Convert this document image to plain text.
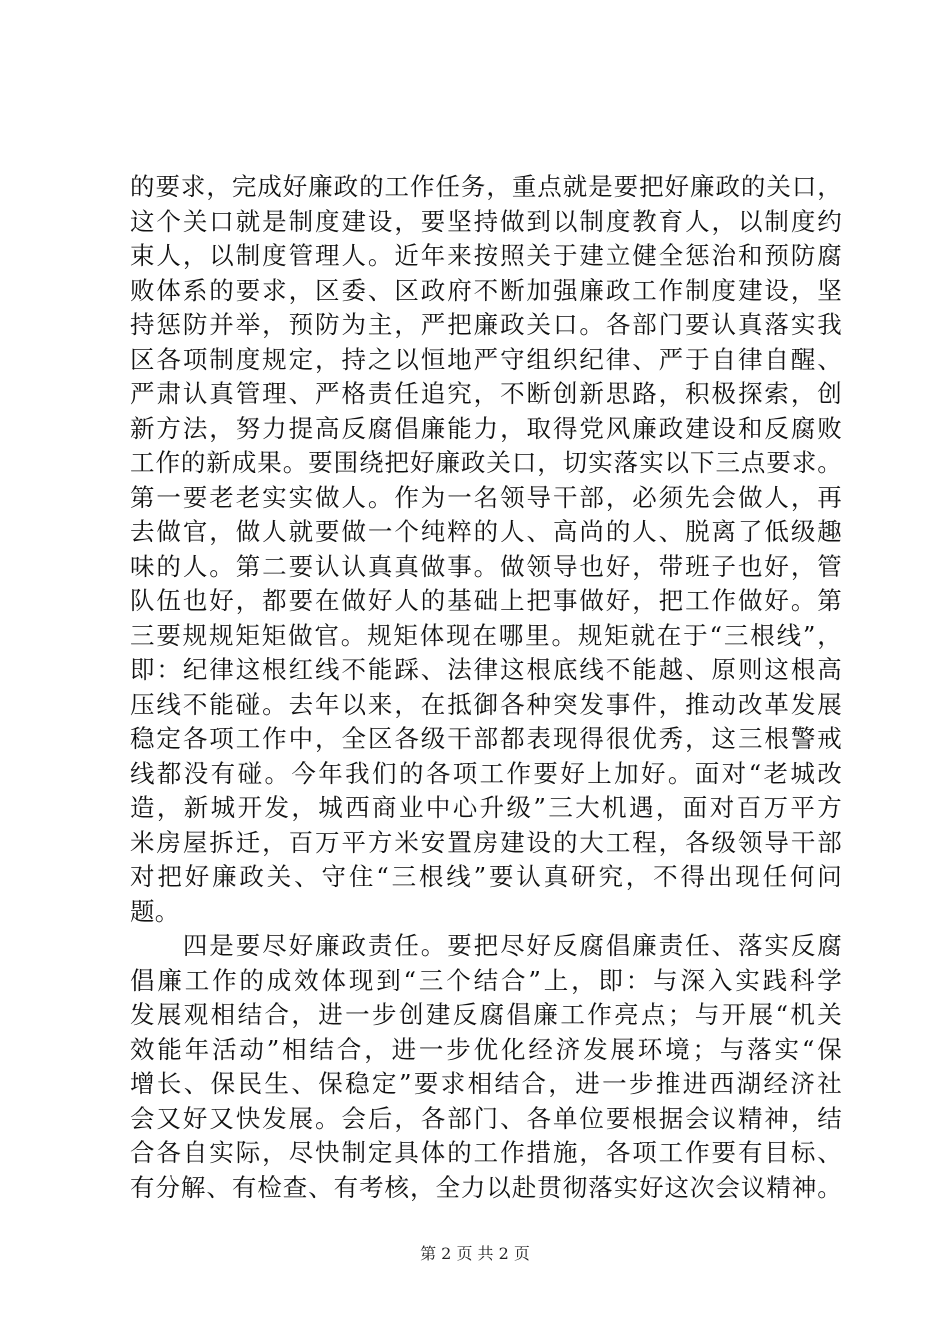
的要求，完成好廉政的工作任务，重点就是要把好廉政的关口，
这个关口就是制度建设，要坚持做到以制度教育人，以制度约
束人，以制度管理人。近年来按照关于建立健全惩治和预防腐
败体系的要求，区委、区政府不断加强廉政工作制度建设，坚
持惩防并举，预防为主，严把廉政关口。各部门要认真落实我
区各项制度规定，持之以恒地严守组织纪律、严于自律自醒、
严肃认真管理、严格责任追究，不断创新思路，积极探索，创
新方法，努力提高反腐倡廉能力，取得党风廉政建设和反腐败
工作的新成果。要围绕把好廉政关口，切实落实以下三点要求。
第一要老老实实做人。作为一名领导干部，必须先会做人，再
去做官，做人就要做一个纯粹的人、高尚的人、脱离了低级趣
味的人。第二要认认真真做事。做领导也好，带班子也好，管
队伍也好，都要在做好人的基础上把事做好，把工作做好。第
三要规规矩矩做官。规矩体现在哪里。规矩就在于“三根线”，
即：纪律这根红线不能踩、法律这根底线不能越、原则这根高
压线不能碰。去年以来，在抵御各种突发事件，推动改革发展
稳定各项工作中，全区各级干部都表现得很优秀，这三根警戒
线都没有碰。今年我们的各项工作要好上加好。面对“老城改
造，新城开发，城西商业中心升级”三大机遇，面对百万平方
米房屋拆迁，百万平方米安置房建设的大工程，各级领导干部
对把好廉政关、守住“三根线”要认真研究，不得出现任何问
题。
　　四是要尽好廉政责任。要把尽好反腐倡廉责任、落实反腐
倡廉工作的成效体现到“三个结合”上，即：与深入实践科学
发展观相结合，进一步创建反腐倡廉工作亮点；与开展“机关
效能年活动”相结合，进一步优化经济发展环境；与落实“保
增长、保民生、保稳定”要求相结合，进一步推进西湖经济社
会又好又快发展。会后，各部门、各单位要根据会议精神，结
合各自实际，尽快制定具体的工作措施，各项工作要有目标、
有分解、有检查、有考核，全力以赴贯彻落实好这次会议精神。
第 2 页 共 2 页
